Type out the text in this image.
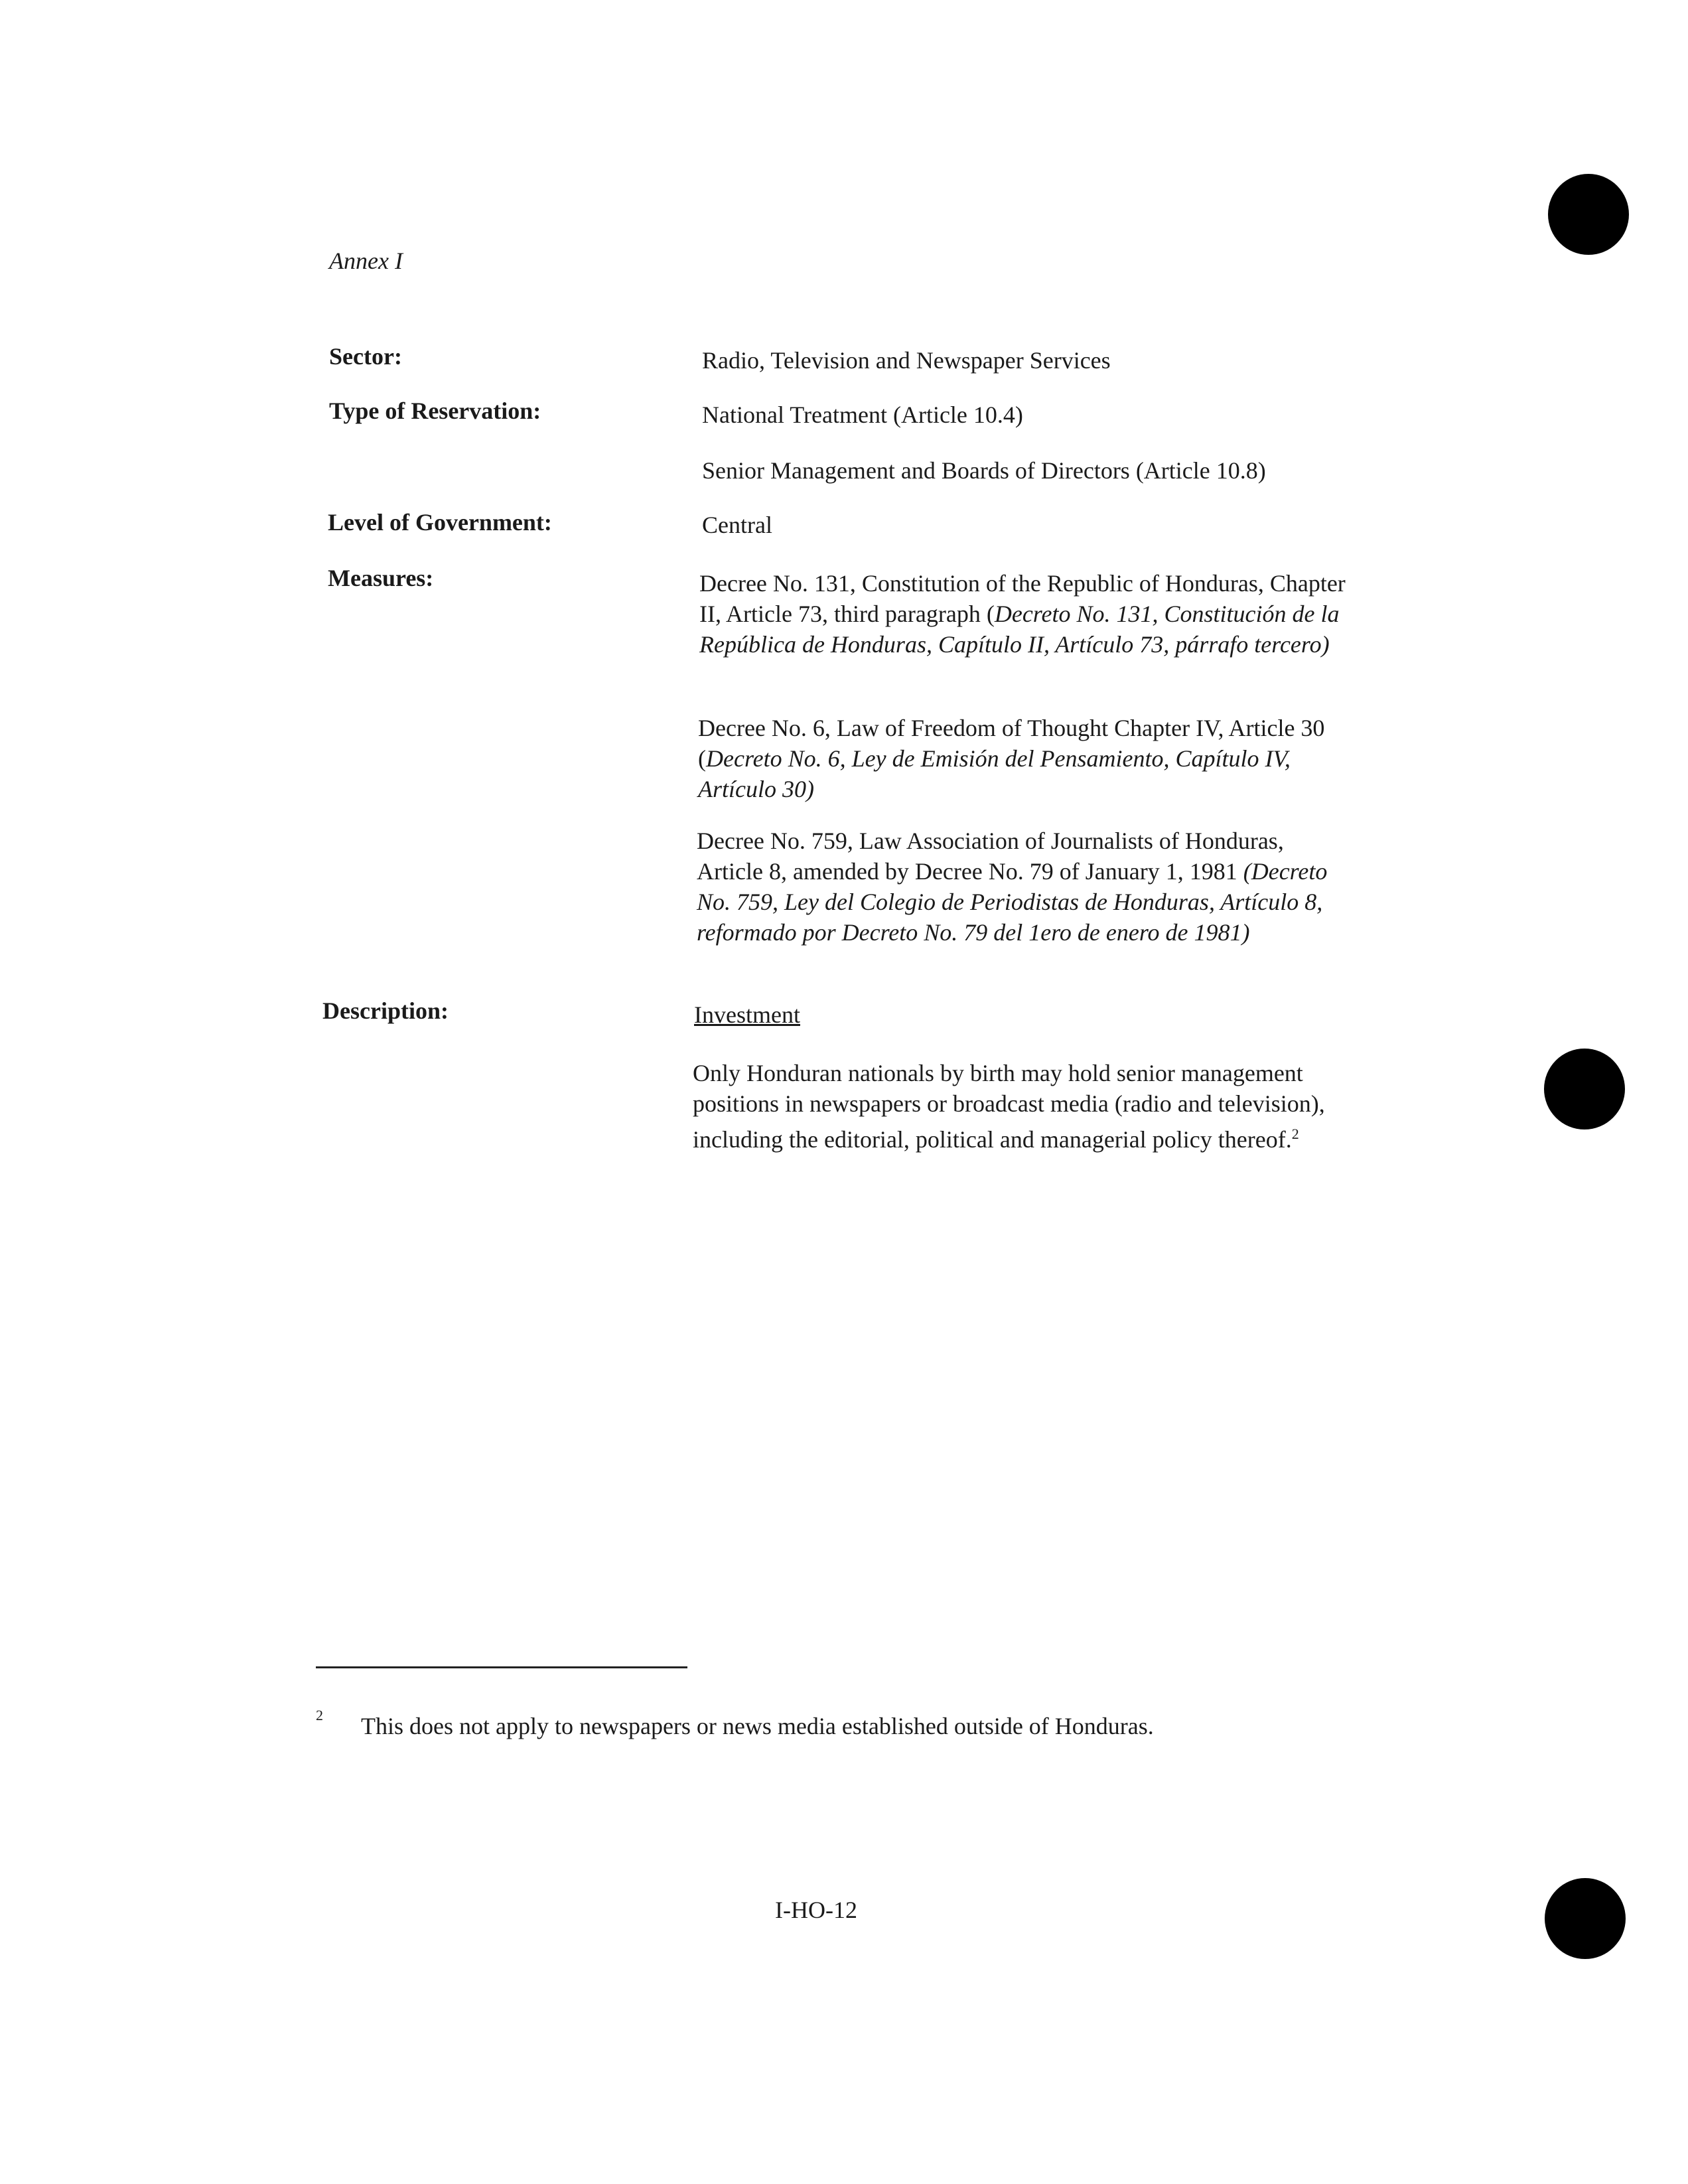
Annex I
Sector:	Radio, Television and Newspaper Services
Type of Reservation:	National Treatment (Article 10.4)
Senior Management and Boards of Directors (Article 10.8)
Level of Government:	Central
Measures:	Decree No. 131, Constitution of the Republic of Honduras, Chapter II, Article 73, third paragraph (Decreto No. 131, Constitución de la República de Honduras, Capítulo II, Artículo 73, párrafo tercero)
Decree No. 6, Law of Freedom of Thought Chapter IV, Article 30 (Decreto No. 6, Ley de Emisión del Pensamiento, Capítulo IV, Artículo 30)
Decree No. 759, Law Association of Journalists of Honduras, Article 8, amended by Decree No. 79 of January 1, 1981 (Decreto No. 759, Ley del Colegio de Periodistas de Honduras, Artículo 8, reformado por Decreto No. 79 del 1ero de enero de 1981)
Description:	Investment
Only Honduran nationals by birth may hold senior management positions in newspapers or broadcast media (radio and television), including the editorial, political and managerial policy thereof.$^2$
2 This does not apply to newspapers or news media established outside of Honduras.
I-HO-12
